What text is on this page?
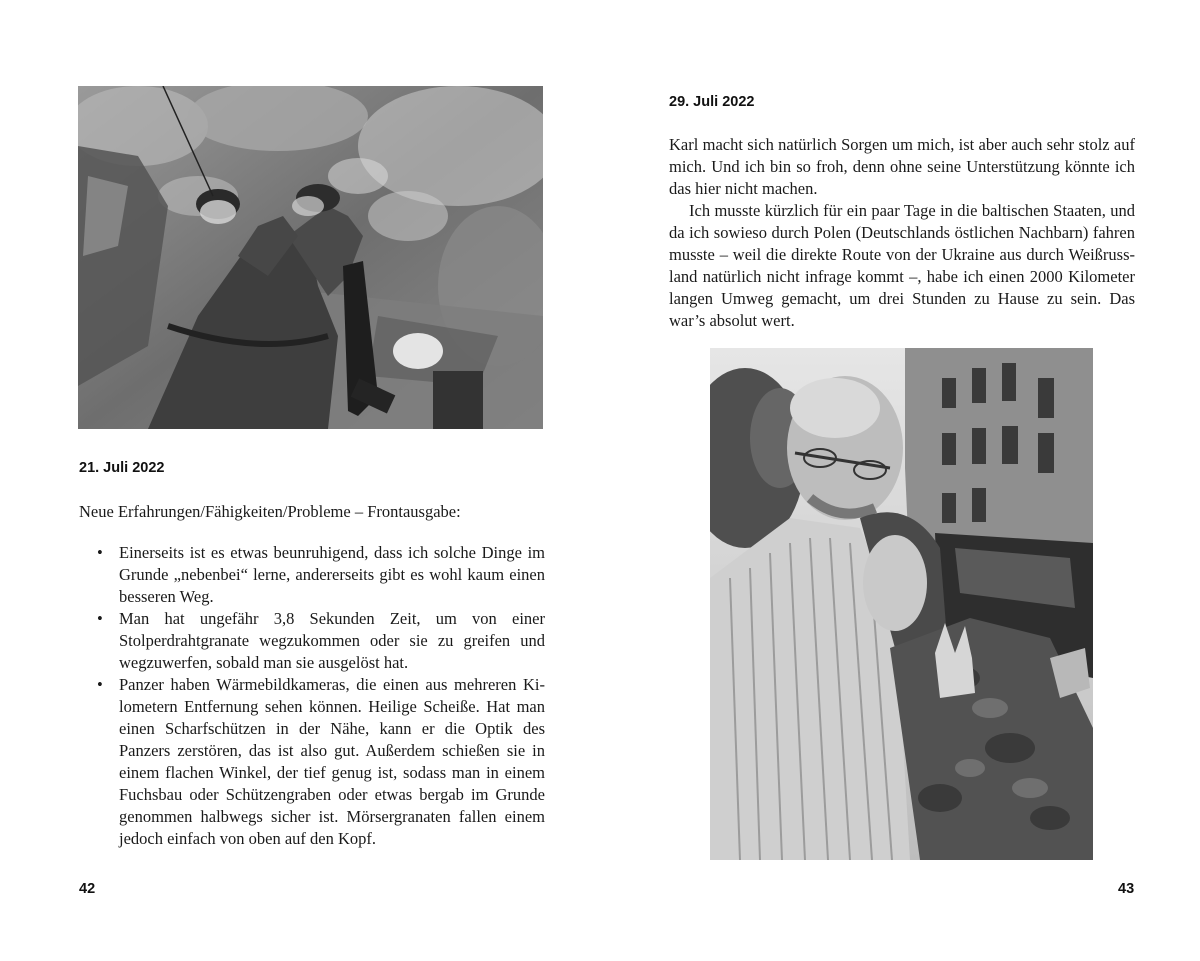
21. Juli 2022

Neue Erfahrungen/Fähigkeiten/Probleme – Frontausgabe:

• Einerseits ist es etwas beunruhigend, dass ich solche Dinge im Grunde „nebenbei“ lerne, andererseits gibt es wohl kaum einen besseren Weg.
• Man hat ungefähr 3,8 Sekunden Zeit, um von einer Stolperdrahtgranate wegzukommen oder sie zu greifen und wegzuwerfen, sobald man sie ausgelöst hat.
• Panzer haben Wärmebildkameras, die einen aus mehreren Kilometern Entfernung sehen können. Heilige Scheiße. Hat man einen Scharfschützen in der Nähe, kann er die Optik des Panzers zerstören, das ist also gut. Außerdem schießen sie in einem flachen Winkel, der tief genug ist, sodass man in einem Fuchsbau oder Schützengraben oder etwas bergab im Grunde genommen halbwegs sicher ist. Mörsergranaten fallen einem jedoch einfach von oben auf den Kopf.
42
29. Juli 2022

Karl macht sich natürlich Sorgen um mich, ist aber auch sehr stolz auf mich. Und ich bin so froh, denn ohne seine Unterstützung könnte ich das hier nicht machen.

Ich musste kürzlich für ein paar Tage in die baltischen Staaten, und da ich sowieso durch Polen (Deutschlands östlichen Nachbarn) fahren musste – weil die direkte Route von der Ukraine aus durch Weißrussland natürlich nicht infrage kommt –, habe ich einen 2000 Kilometer langen Umweg gemacht, um drei Stunden zu Hause zu sein. Das war’s absolut wert.

43
